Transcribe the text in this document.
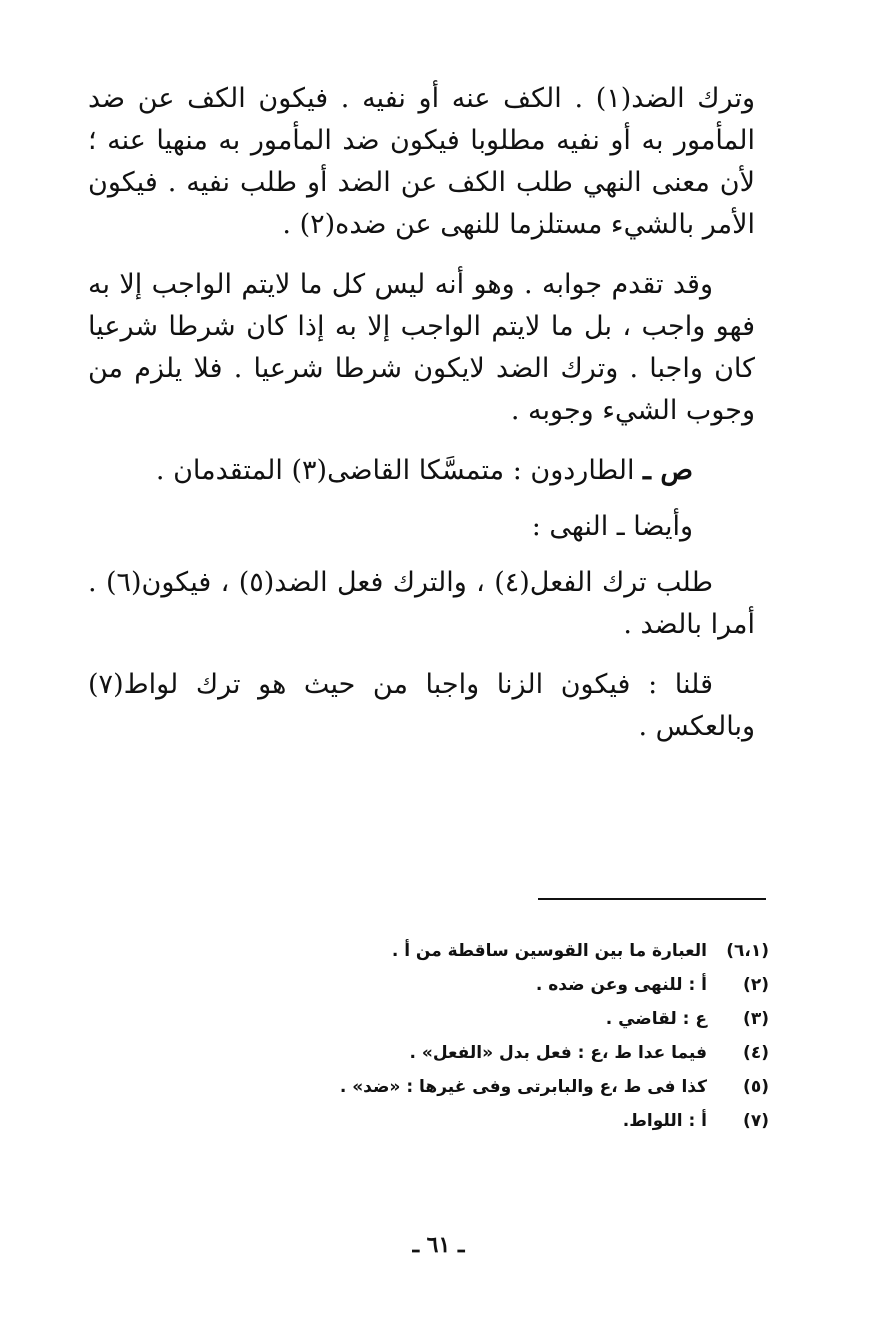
وترك الضد(١) . الكف عنه أو نفيه . فيكون الكف عن ضد المأمور به أو نفيه مطلوبا فيكون ضد المأمور به منهيا عنه ؛ لأن معنى النهي طلب الكف عن الضد أو طلب نفيه . فيكون الأمر بالشيء مستلزما للنهى عن ضده(٢) .

وقد تقدم جوابه . وهو أنه ليس كل ما لايتم الواجب إلا به فهو واجب ، بل ما لايتم الواجب إلا به إذا كان شرطا شرعيا كان واجبا . وترك الضد لايكون شرطا شرعيا . فلا يلزم من وجوب الشيء وجوبه .

ص ـ الطاردون : متمسَّكا القاضى(٣) المتقدمان .

وأيضا ـ النهى :

طلب ترك الفعل(٤) ، والترك فعل الضد(٥) ، فيكون(٦) . أمرا بالضد .

قلنا : فيكون الزنا واجبا من حيث هو ترك لواط(٧) وبالعكس .

(٦،١)
العبارة ما بين القوسين ساقطة من أ .
(٢)
أ : للنهى وعن ضده .
(٣)
ع : لقاضي .
(٤)
فيما عدا ط ،ع : فعل بدل «الفعل» .
(٥)
كذا فى ط ،ع والبابرتى وفى غيرها : «ضد» .
(٧)
أ : اللواط.
ـ ٦١ ـ
